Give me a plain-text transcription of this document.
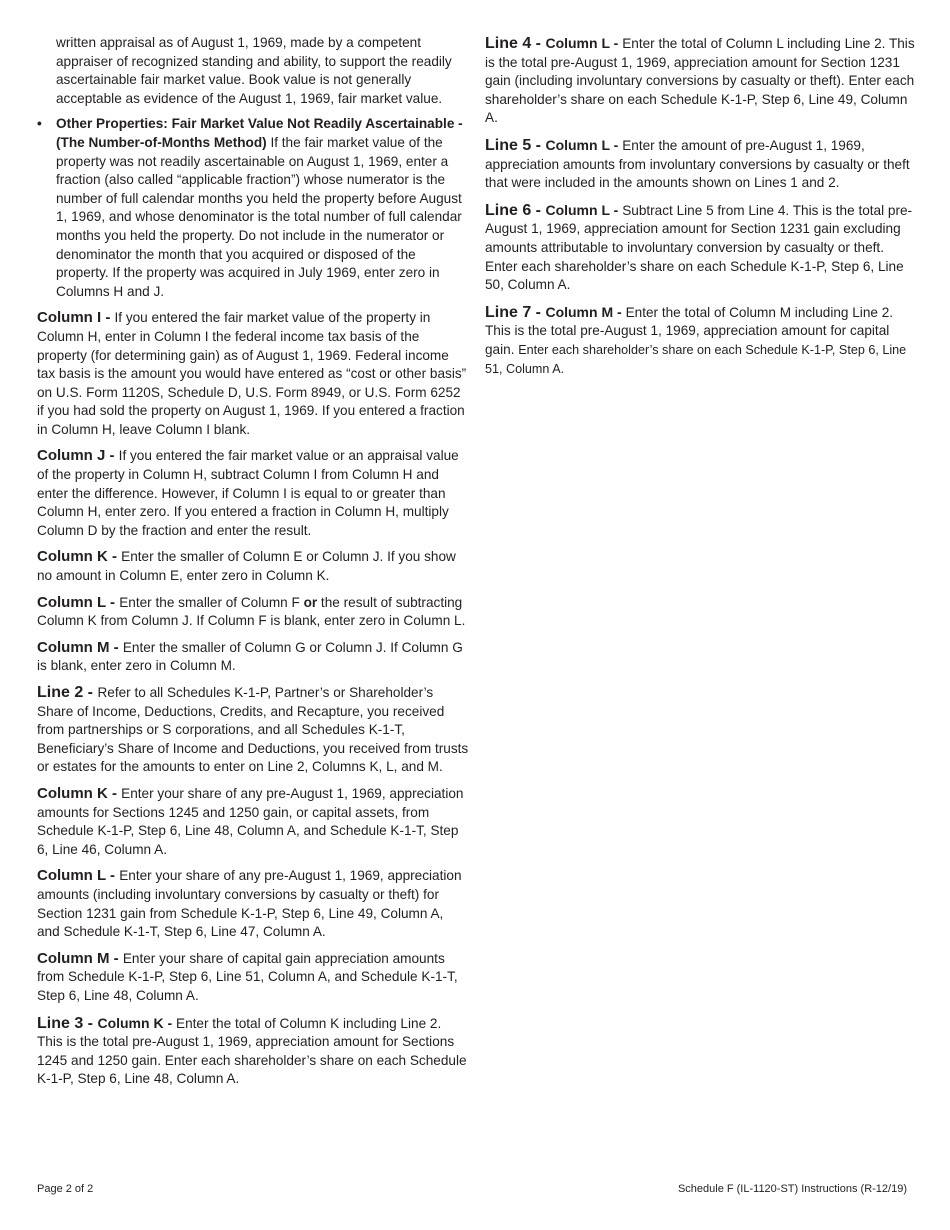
written appraisal as of August 1, 1969, made by a competent appraiser of recognized standing and ability, to support the readily ascertainable fair market value. Book value is not generally acceptable as evidence of the August 1, 1969, fair market value.

• Other Properties: Fair Market Value Not Readily Ascertainable - (The Number-of-Months Method) If the fair market value of the property was not readily ascertainable on August 1, 1969, enter a fraction (also called “applicable fraction”) whose numerator is the number of full calendar months you held the property before August 1, 1969, and whose denominator is the total number of full calendar months you held the property. Do not include in the numerator or denominator the month that you acquired or disposed of the property. If the property was acquired in July 1969, enter zero in Columns H and J.

Column I - If you entered the fair market value of the property in Column H, enter in Column I the federal income tax basis of the property (for determining gain) as of August 1, 1969. Federal income tax basis is the amount you would have entered as “cost or other basis” on U.S. Form 1120S, Schedule D, U.S. Form 8949, or U.S. Form 6252 if you had sold the property on August 1, 1969. If you entered a fraction in Column H, leave Column I blank.

Column J - If you entered the fair market value or an appraisal value of the property in Column H, subtract Column I from Column H and enter the difference. However, if Column I is equal to or greater than Column H, enter zero. If you entered a fraction in Column H, multiply Column D by the fraction and enter the result.

Column K - Enter the smaller of Column E or Column J. If you show no amount in Column E, enter zero in Column K.

Column L - Enter the smaller of Column F or the result of subtracting Column K from Column J. If Column F is blank, enter zero in Column L.

Column M - Enter the smaller of Column G or Column J. If Column G is blank, enter zero in Column M.

Line 2 - Refer to all Schedules K-1-P, Partner’s or Shareholder’s Share of Income, Deductions, Credits, and Recapture, you received from partnerships or S corporations, and all Schedules K-1-T, Beneficiary’s Share of Income and Deductions, you received from trusts or estates for the amounts to enter on Line 2, Columns K, L, and M.

Column K - Enter your share of any pre-August 1, 1969, appreciation amounts for Sections 1245 and 1250 gain, or capital assets, from Schedule K-1-P, Step 6, Line 48, Column A, and Schedule K-1-T, Step 6, Line 46, Column A.

Column L - Enter your share of any pre-August 1, 1969, appreciation amounts (including involuntary conversions by casualty or theft) for Section 1231 gain from Schedule K-1-P, Step 6, Line 49, Column A, and Schedule K-1-T, Step 6, Line 47, Column A.

Column M - Enter your share of capital gain appreciation amounts from Schedule K-1-P, Step 6, Line 51, Column A, and Schedule K-1-T, Step 6, Line 48, Column A.

Line 3 - Column K - Enter the total of Column K including Line 2. This is the total pre-August 1, 1969, appreciation amount for Sections 1245 and 1250 gain. Enter each shareholder’s share on each Schedule K-1-P, Step 6, Line 48, Column A.

Line 4 - Column L - Enter the total of Column L including Line 2. This is the total pre-August 1, 1969, appreciation amount for Section 1231 gain (including involuntary conversions by casualty or theft). Enter each shareholder’s share on each Schedule K-1-P, Step 6, Line 49, Column A.

Line 5 - Column L - Enter the amount of pre-August 1, 1969, appreciation amounts from involuntary conversions by casualty or theft that were included in the amounts shown on Lines 1 and 2.

Line 6 - Column L - Subtract Line 5 from Line 4. This is the total pre-August 1, 1969, appreciation amount for Section 1231 gain excluding amounts attributable to involuntary conversion by casualty or theft. Enter each shareholder’s share on each Schedule K-1-P, Step 6, Line 50, Column A.

Line 7 - Column M - Enter the total of Column M including Line 2. This is the total pre-August 1, 1969, appreciation amount for capital gain. Enter each shareholder’s share on each Schedule K-1-P, Step 6, Line 51, Column A.

Page 2 of 2	Schedule F (IL-1120-ST) Instructions (R-12/19)
